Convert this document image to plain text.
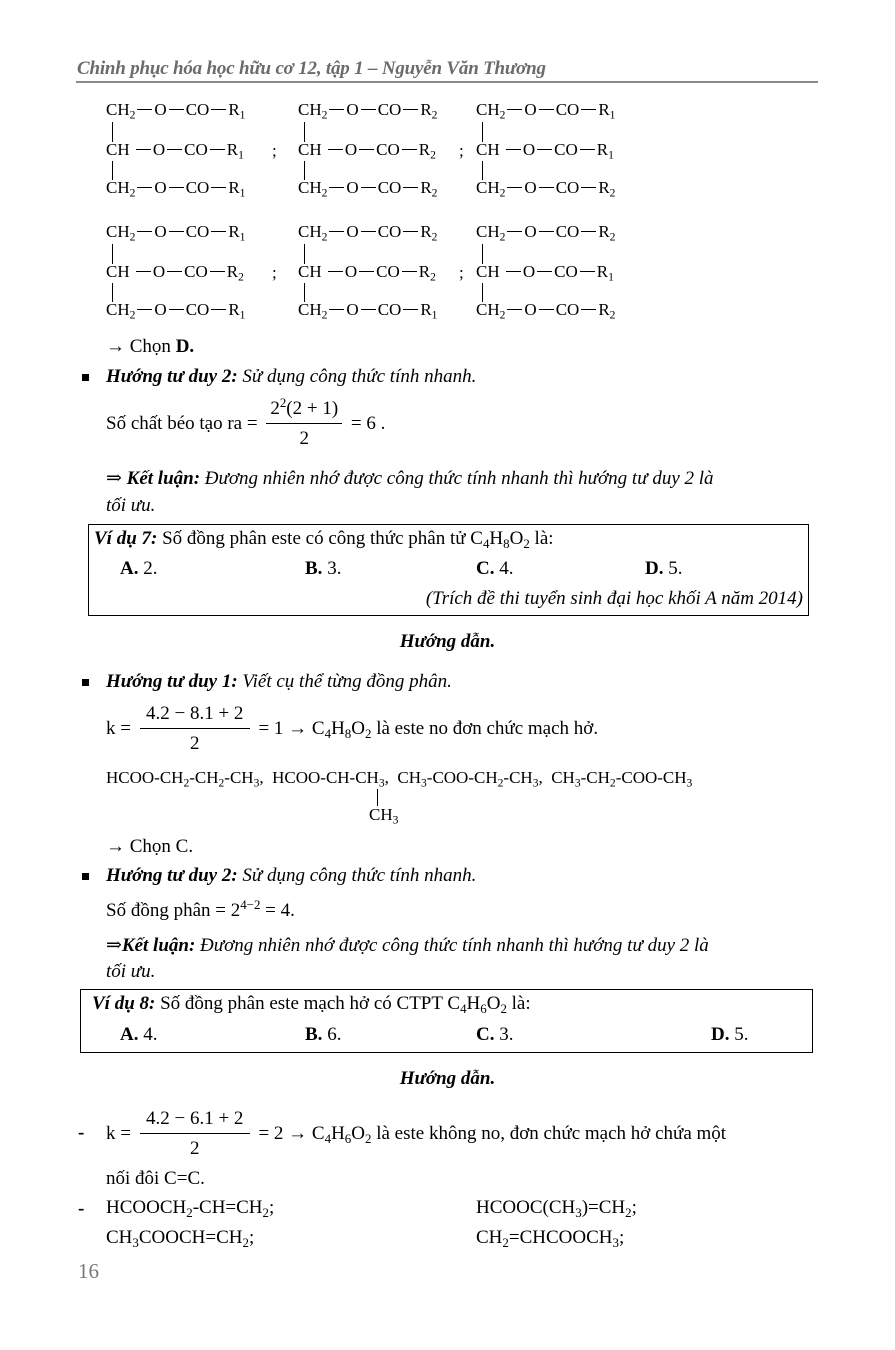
Chinh phục hóa học hữu cơ 12, tập 1 – Nguyễn Văn Thương
$CH_2$ O CO $R_1$
CH O CO $R_1$
$CH_2$ O CO $R_1$
;
$CH_2$ O CO $R_2$
CH O CO $R_2$
$CH_2$ O CO $R_2$
;
$CH_2$ O CO $R_1$
CH O CO $R_1$
$CH_2$ O CO $R_2$
$CH_2$ O CO $R_1$
CH O CO $R_2$
$CH_2$ O CO $R_1$
;
$CH_2$ O CO $R_2$
CH O CO $R_2$
$CH_2$ O CO $R_1$
;
$CH_2$ O CO $R_2$
CH O CO $R_1$
$CH_2$ O CO $R_2$
→ Chọn D.
Hướng tư duy 2: Sử dụng công thức tính nhanh.
Số chất béo tạo ra = $\frac{2^2(2 + 1)}{2} = 6$ .
⇒ Kết luận: Đương nhiên nhớ được công thức tính nhanh thì hướng tư duy 2 là
tối ưu.
Ví dụ 7: Số đồng phân este có công thức phân tử $C_4H_8O_2$ là:
A. 2.	B. 3.	C. 4.	D. 5.
(Trích đề thi tuyển sinh đại học khối A năm 2014)
Hướng dẫn.
Hướng tư duy 1: Viết cụ thể từng đồng phân.
$k = \frac{4.2 - 8.1 + 2}{2} = 1 \to C_4H_8O_2$ là este no đơn chức mạch hở.
HCOO-$CH_2-CH_2-CH_3$, HCOO-$CH-CH_3$, $CH_3-COO-CH_2-CH_3$, $CH_3-CH_2-COO-CH_3$
$CH_3$
→ Chọn C.
Hướng tư duy 2: Sử dụng công thức tính nhanh.
Số đồng phân = $2^{4-2} = 4$.
⇒Kết luận: Đương nhiên nhớ được công thức tính nhanh thì hướng tư duy 2 là
tối ưu.
Ví dụ 8: Số đồng phân este mạch hở có CTPT $C_4H_6O_2$ là:
A. 4.	B. 6.	C. 3.	D. 5.
Hướng dẫn.
- $k = \frac{4.2 - 6.1 + 2}{2} = 2 \to C_4H_6O_2$ là este không no, đơn chức mạch hở chứa một
nối đôi C=C.
- $HCOOCH_2-CH=CH_2$;	$HCOOC(CH_3)=CH_2$;
$CH_3COOCH=CH_2$;	$CH_2=CHCOOCH_3$;
16
